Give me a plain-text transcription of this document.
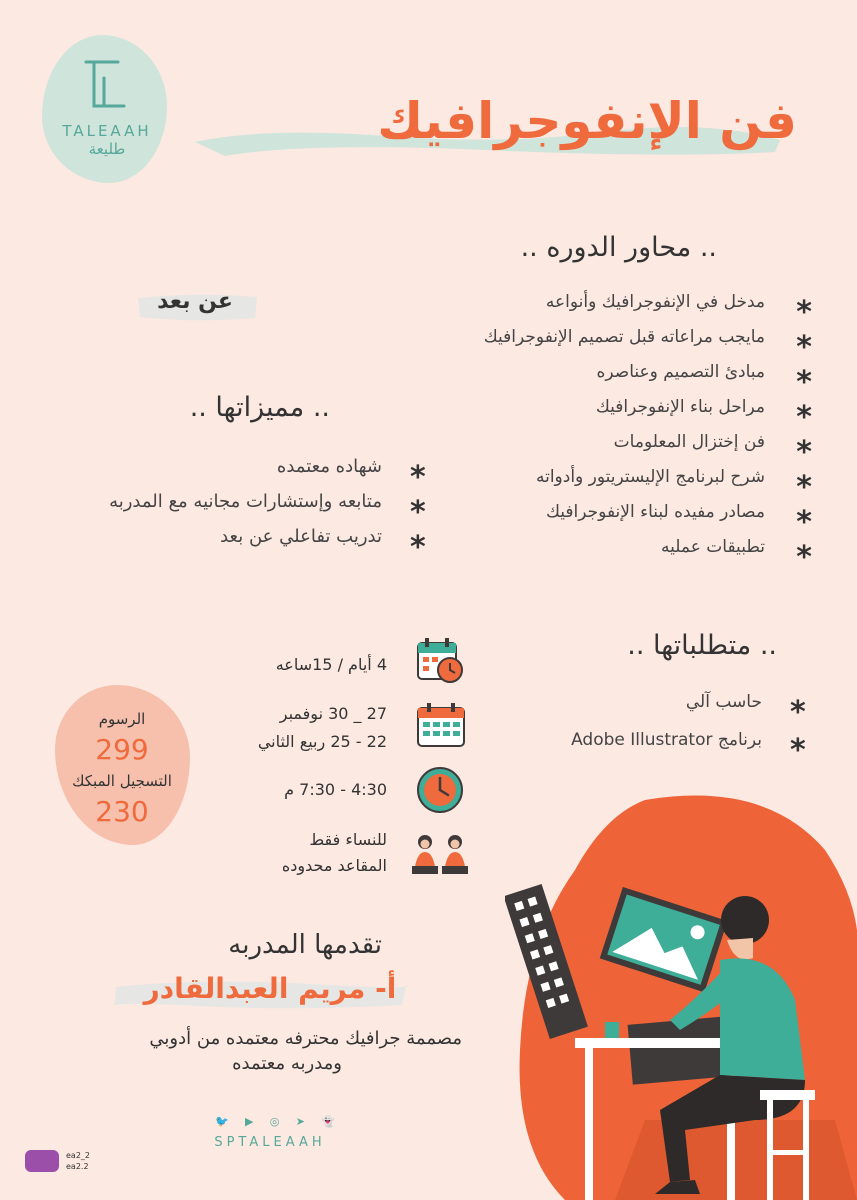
TALEAAH
طليعة	فن الإنفوجرافيك
.. محاور الدوره ..
مدخل في الإنفوجرافيك وأنواعه
مايجب مراعاته قبل تصميم الإنفوجرافيك
مبادئ التصميم وعناصره
مراحل بناء الإنفوجرافيك
فن إختزال المعلومات
شرح لبرنامج الإليستريتور وأدواته
مصادر مفيده لبناء الإنفوجرافيك
تطبيقات عمليه
*
*
*
*
*
*
*
*
عن بعد
.. مميزاتها ..
شهاده معتمده
متابعه وإستشارات مجانيه مع المدربه
تدريب تفاعلي عن بعد
*
*
*
.. متطلباتها ..
حاسب آلي
برنامج Adobe Illustrator
*
*
4 أيام / 15ساعه
27 _ 30 نوفمبر
22 - 25 ربيع الثاني
4:30 - 7:30 م
للنساء فقط
المقاعد محدوده
الرسوم
299
التسجيل المبكك
230
تقدمها المدربه
أ- مريم العبدالقادر
مصممة جرافيك محترفه معتمده من أدوبي
ومدربه معتمده
🐦 ▶ ◎ ➤ 👻
SPTALEAAH
ea2_2
ea2.2
